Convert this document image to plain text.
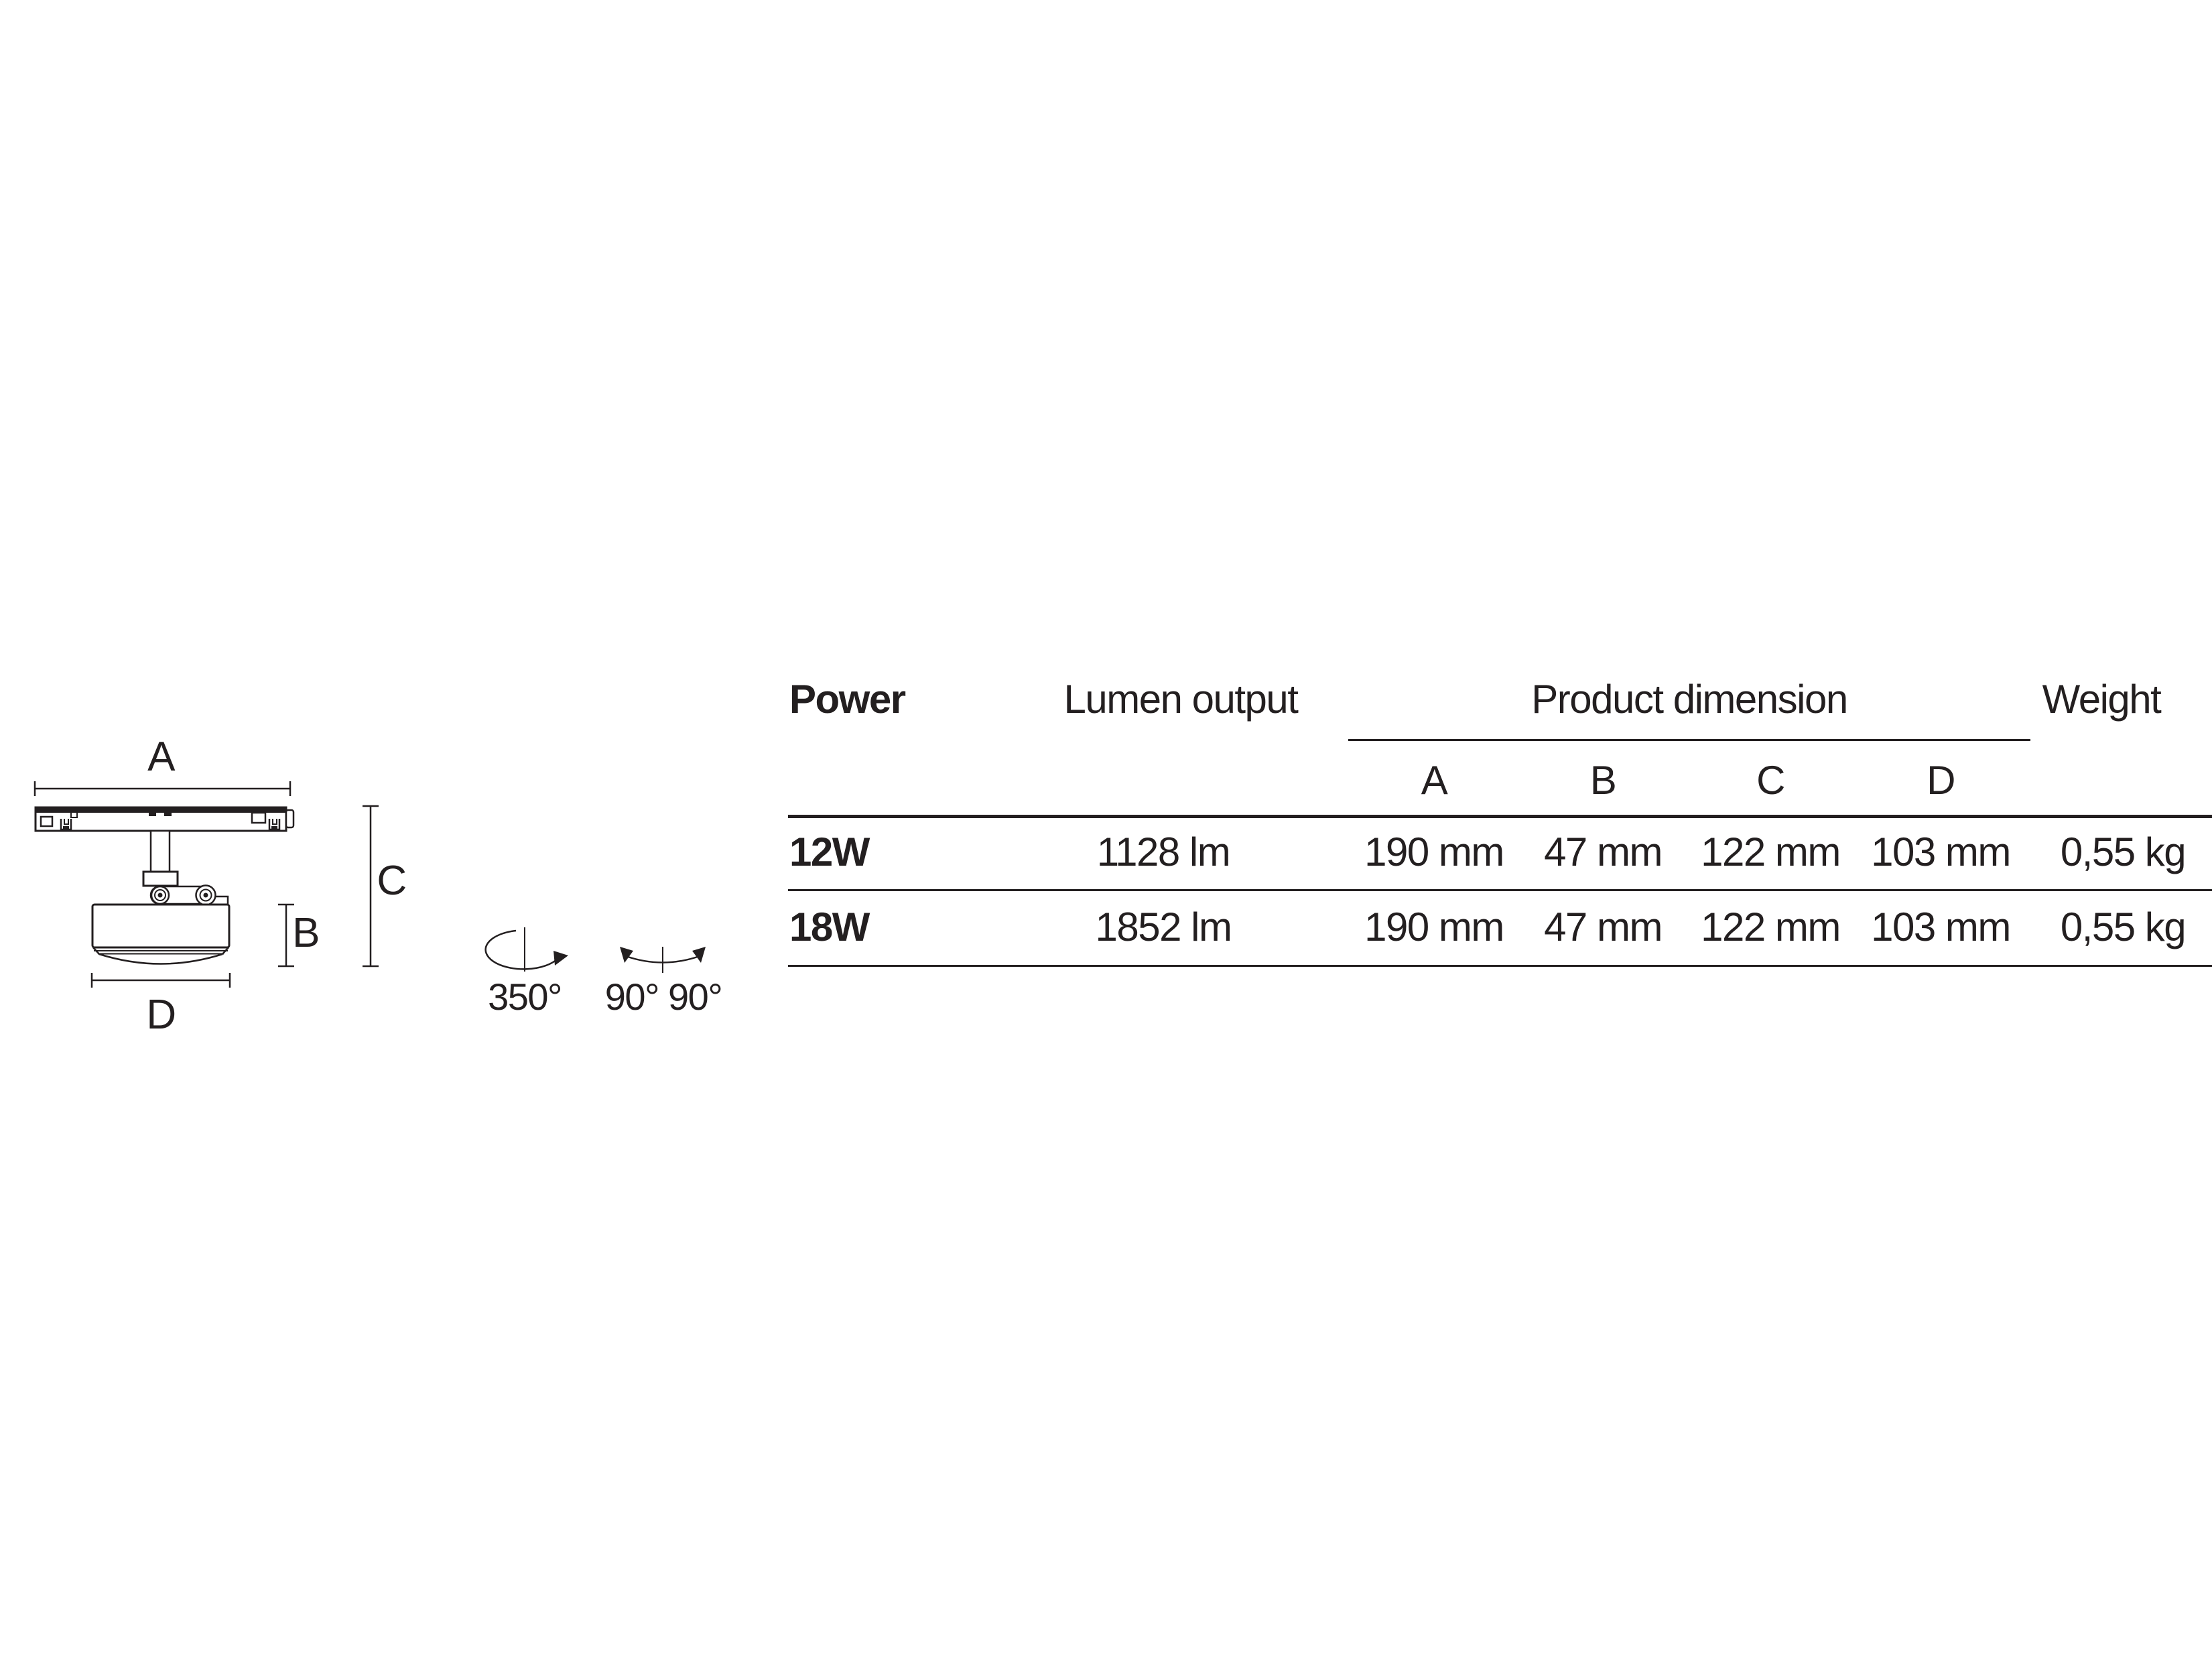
A
B
C
D	350° 90° 90°
Power	Lumen output	Product dimension	Weight
A	B	C	D
12W	1128 lm	190 mm 47 mm 122 mm 103 mm 0,55 kg
18W	1852 lm	190 mm 47 mm 122 mm 103 mm 0,55 kg
